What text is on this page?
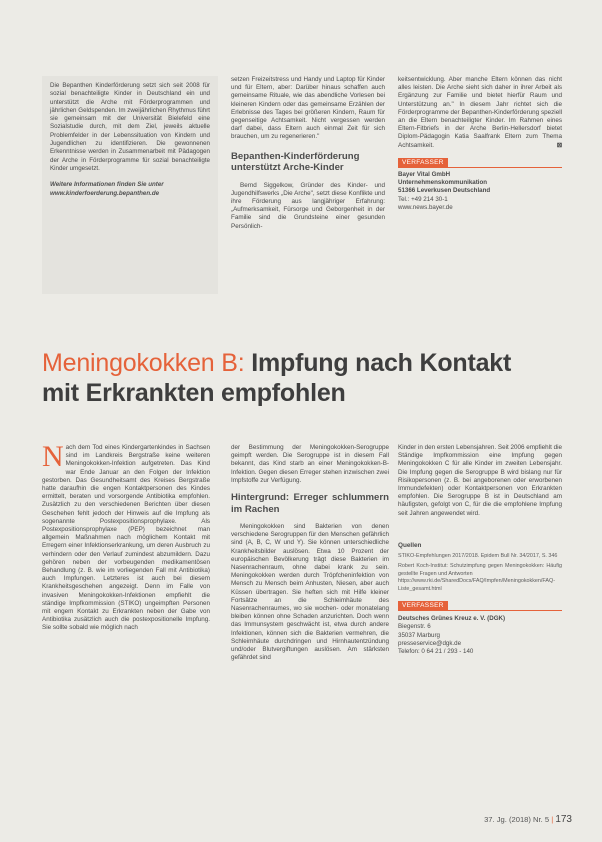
Die Bepanthen Kinderförderung setzt sich seit 2008 für sozial benachteiligte Kinder in Deutschland ein und unterstützt die Arche mit Förderprogrammen und jährlichen Geldspenden. Im zweijährlichen Rhythmus führt sie gemeinsam mit der Universität Bielefeld eine Sozialstudie durch, mit dem Ziel, jeweils aktuelle Problemfelder in der Lebenssituation von Kindern und Jugendlichen zu identifizieren. Die gewonnenen Erkenntnisse werden in Zusammenarbeit mit Pädagogen der Arche in Förderprogramme für sozial benachteiligte Kinder umgesetzt.
Weitere Informationen finden Sie unter www.kinderfoerderung.bepanthen.de

setzen Freizeitstress und Handy und Laptop für Kinder und für Eltern, aber: Darüber hinaus schaffen auch gemeinsame Rituale, wie das abendliche Vorlesen bei kleineren Kindern oder das gemeinsame Erzählen der Erlebnisse des Tages bei größeren Kindern, Raum für gegenseitige Achtsamkeit. Nicht vergessen werden darf dabei, dass Eltern auch einmal Zeit für sich brauchen, um zu regenerieren."

Bepanthen-Kinderförderung unterstützt Arche-Kinder

Bernd Siggelkow, Gründer des Kinder- und Jugendhilfswerks „Die Arche", setzt diese Konflikte und ihre Förderung aus langjähriger Erfahrung: „Aufmerksamkeit, Fürsorge und Geborgenheit in der Familie sind die Grundsteine einer gesunden Persönlich-

keitsentwicklung. Aber manche Eltern können das nicht alles leisten. Die Arche sieht sich daher in ihrer Arbeit als Ergänzung zur Familie und bietet hierfür Raum und Unterstützung an." In diesem Jahr richtet sich die Förderprogramme der Bepanthen-Kinderförderung speziell an die Eltern benachteiligter Kinder. Im Rahmen eines Eltern-Fitbriefs in der Arche Berlin-Hellersdorf bietet Diplom-Pädagogin Katia Saalfrank Eltern zum Thema Achtsamkeit.	⊠

VERFASSER
Bayer Vital GmbH
Unternehmenskommunikation
51366 Leverkusen Deutschland
Tel.: +49 214 30-1
www.news.bayer.de
Meningokokken B: Impfung nach Kontakt
mit Erkrankten empfohlen

Nach dem Tod eines Kindergartenkindes in Sachsen sind im Landkreis Bergstraße keine weiteren Meningokokken-Infektion aufgetreten. Das Kind war Ende Januar an den Folgen der Infektion gestorben. Das Gesundheitsamt des Kreises Bergstraße hatte daraufhin die engen Kontaktpersonen des Kindes ermittelt, beraten und vorsorgende Antibiotika empfohlen. Zusätzlich zu den verschiedenen Berichten über diesen Geschehen fehlt jedoch der Hinweis auf die Impfung als sogenannte Postexpositionsprophylaxe. Als Postexpositionsprophylaxe (PEP) bezeichnet man allgemein Maßnahmen nach möglichem Kontakt mit Erregern einer Infektionserkrankung, um deren Ausbruch zu verhindern oder den Verlauf zumindest abzumildern. Dazu gehören neben der vorbeugenden medikamentösen Behandlung (z. B. wie im vorliegenden Fall mit Antibiotika) auch Impfungen. Letzteres ist auch bei diesem Krankheitsgeschehen angezeigt. Denn im Falle von invasiven Meningokokken-Infektionen empfiehlt die ständige Impfkommission (STIKO) ungeimpften Personen mit engem Kontakt zu Erkrankten neben der Gabe von Antibiotika zusätzlich auch die postexpositionelle Impfung. Sie sollte sobald wie möglich nach

der Bestimmung der Meningokokken-Serogruppe geimpft werden. Die Serogruppe ist in diesem Fall bekannt, das Kind starb an einer Meningokokken-B-Infektion. Gegen diesen Erreger stehen inzwischen zwei Impfstoffe zur Verfügung.

Hintergrund: Erreger schlummern im Rachen

Meningokokken sind Bakterien von denen verschiedene Serogruppen für den Menschen gefährlich sind (A, B, C, W und Y). Sie können unterschiedliche Krankheitsbilder auslösen. Etwa 10 Prozent der europäischen Bevölkerung trägt diese Bakterien im Nasenrachenraum, ohne dabei krank zu sein. Meningokokken werden durch Tröpfcheninfektion von Mensch zu Mensch beim Anhusten, Niesen, aber auch Küssen übertragen. Sie heften sich mit Hilfe kleiner Fortsätze an die Schleimhäute des Nasenrachenraumes, wo sie wochen- oder monatelang bleiben können ohne Schaden anzurichten. Doch wenn das Immunsystem geschwächt ist, etwa durch andere Infektionen, können sich die Bakterien vermehren, die Schleimhäute durchdringen und Hirnhautentzündung und/oder Blutvergiftungen auslösen. Am stärksten gefährdet sind

Kinder in den ersten Lebensjahren. Seit 2006 empfiehlt die Ständige Impfkommission eine Impfung gegen Meningokokken C für alle Kinder im zweiten Lebensjahr. Die Impfung gegen die Serogruppe B wird bislang nur für Risikopersonen (z. B. bei angeborenen oder erworbenen Immundefekten) oder Kontaktpersonen von Erkrankten empfohlen. Die Serogruppe B ist in Deutschland am häufigsten, gefolgt von C, für die die empfohlene Impfung seit Jahren angewendet wird.

Quellen
STIKO-Empfehlungen 2017/2018. Epidem Bull Nr. 34/2017, S. 346
Robert Koch-Institut: Schutzimpfung gegen Meningokokken: Häufig gestellte Fragen und Antworten
https://www.rki.de/SharedDocs/FAQ/Impfen/Meningokokken/FAQ-Liste_gesamt.html
VERFASSER
Deutsches Grünes Kreuz e. V. (DGK)
Biegenstr. 6
35037 Marburg
presseservice@dgk.de
Telefon: 0 64 21 / 293 - 140
37. Jg. (2018) Nr. 5 | 173
